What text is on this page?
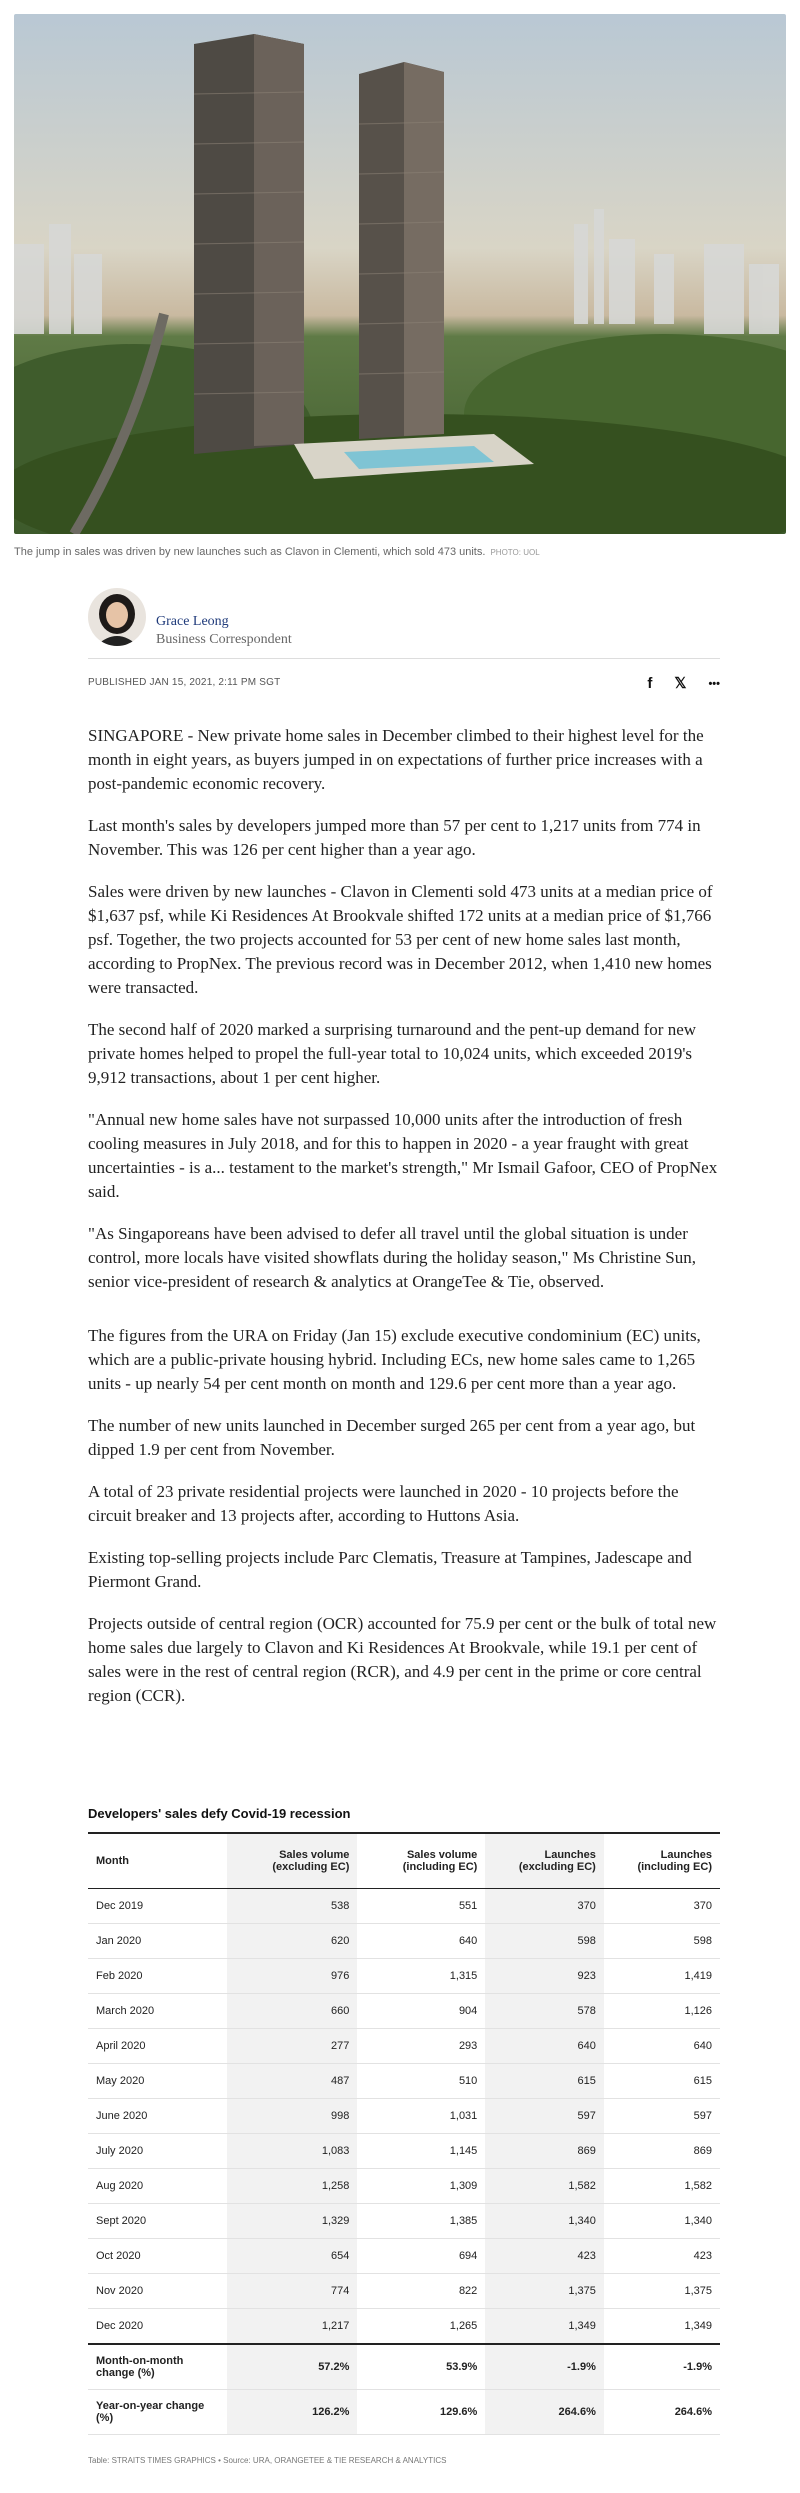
The jump in sales was driven by new launches such as Clavon in Clementi, which sold 473 units. PHOTO: UOL
Grace Leong
Business Correspondent
PUBLISHED JAN 15, 2021, 2:11 PM SGT	f 𝕏 •••

SINGAPORE - New private home sales in December climbed to their highest level for the month in eight years, as buyers jumped in on expectations of further price increases with a post-pandemic economic recovery.

Last month's sales by developers jumped more than 57 per cent to 1,217 units from 774 in November. This was 126 per cent higher than a year ago.

Sales were driven by new launches - Clavon in Clementi sold 473 units at a median price of $1,637 psf, while Ki Residences At Brookvale shifted 172 units at a median price of $1,766 psf. Together, the two projects accounted for 53 per cent of new home sales last month, according to PropNex. The previous record was in December 2012, when 1,410 new homes were transacted.

The second half of 2020 marked a surprising turnaround and the pent-up demand for new private homes helped to propel the full-year total to 10,024 units, which exceeded 2019's 9,912 transactions, about 1 per cent higher.

"Annual new home sales have not surpassed 10,000 units after the introduction of fresh cooling measures in July 2018, and for this to happen in 2020 - a year fraught with great uncertainties - is a... testament to the market's strength," Mr Ismail Gafoor, CEO of PropNex said.

"As Singaporeans have been advised to defer all travel until the global situation is under control, more locals have visited showflats during the holiday season," Ms Christine Sun, senior vice-president of research & analytics at OrangeTee & Tie, observed.

The figures from the URA on Friday (Jan 15) exclude executive condominium (EC) units, which are a public-private housing hybrid. Including ECs, new home sales came to 1,265 units - up nearly 54 per cent month on month and 129.6 per cent more than a year ago.

The number of new units launched in December surged 265 per cent from a year ago, but dipped 1.9 per cent from November.

A total of 23 private residential projects were launched in 2020 - 10 projects before the circuit breaker and 13 projects after, according to Huttons Asia.

Existing top-selling projects include Parc Clematis, Treasure at Tampines, Jadescape and Piermont Grand.

Projects outside of central region (OCR) accounted for 75.9 per cent or the bulk of total new home sales due largely to Clavon and Ki Residences At Brookvale, while 19.1 per cent of sales were in the rest of central region (RCR), and 4.9 per cent in the prime or core central region (CCR).

Developers' sales defy Covid-19 recession
Month	Sales volume (excluding EC)	Sales volume (including EC)	Launches (excluding EC)	Launches (including EC)
Dec 2019	538	551	370	370
Jan 2020	620	640	598	598
Feb 2020	976	1,315	923	1,419
March 2020	660	904	578	1,126
April 2020	277	293	640	640
May 2020	487	510	615	615
June 2020	998	1,031	597	597
July 2020	1,083	1,145	869	869
Aug 2020	1,258	1,309	1,582	1,582
Sept 2020	1,329	1,385	1,340	1,340
Oct 2020	654	694	423	423
Nov 2020	774	822	1,375	1,375
Dec 2020	1,217	1,265	1,349	1,349
Month-on-month change (%)	57.2%	53.9%	-1.9%	-1.9%
Year-on-year change (%)	126.2%	129.6%	264.6%	264.6%
Table: STRAITS TIMES GRAPHICS • Source: URA, ORANGETEE & TIE RESEARCH & ANALYTICS
